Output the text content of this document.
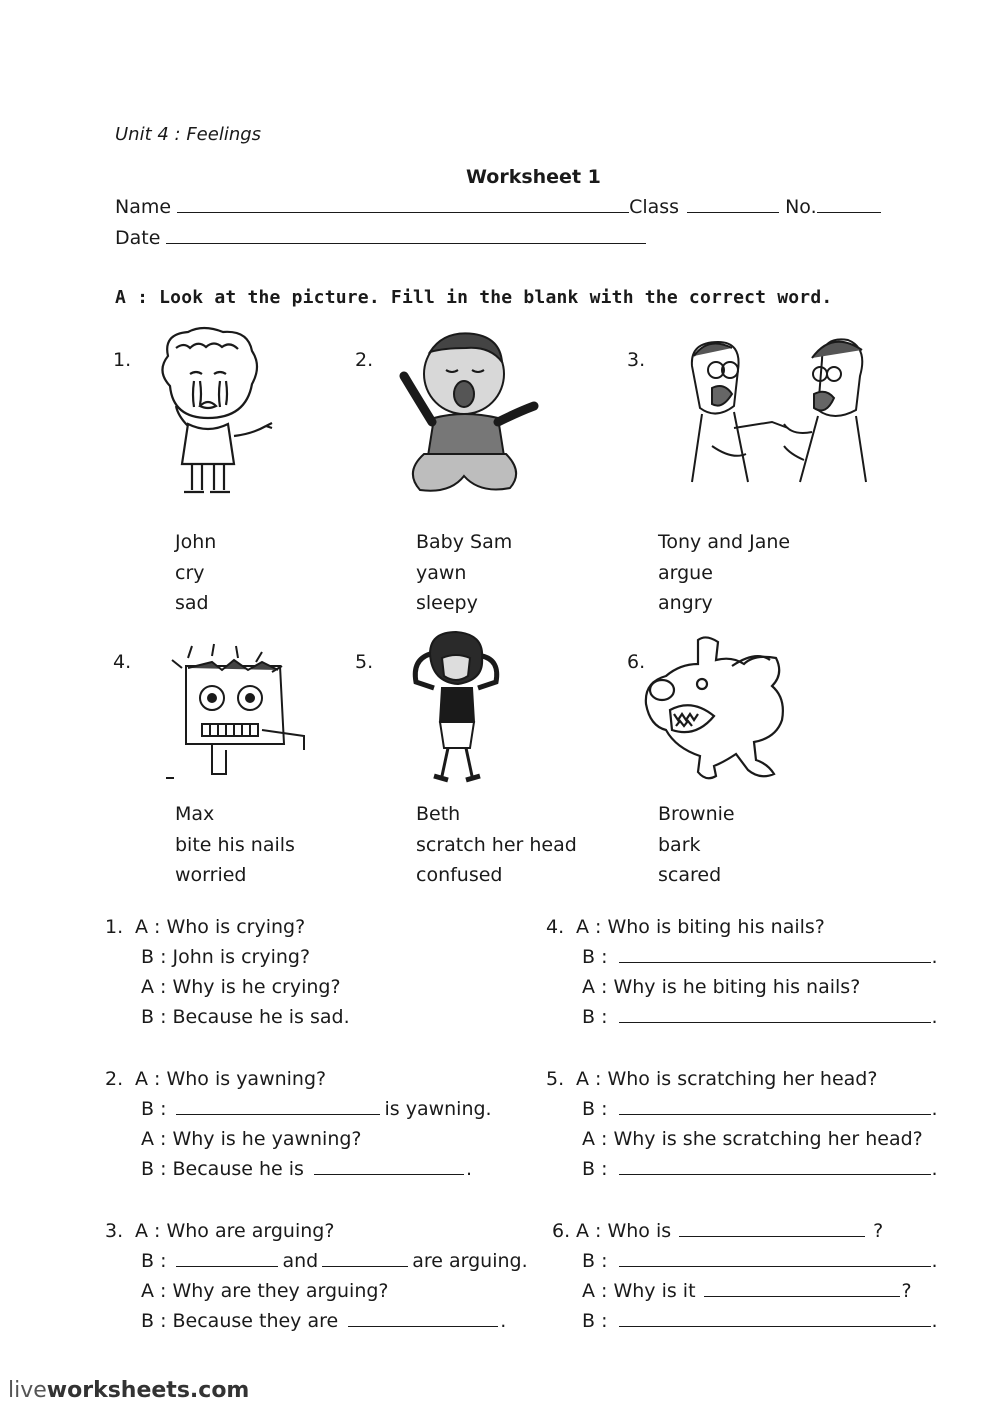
Unit 4 : Feelings
Worksheet 1
Name	Class	No.
Date
A : Look at the picture. Fill in the blank with the correct word.
1.
John
cry
sad
2.
Baby Sam
yawn
sleepy
3.
Tony and Jane
argue
angry
4.
Max
bite his nails
worried
5.
Beth
scratch her head
confused
6.
Brownie
bark
scared
1. A : Who is crying?
B : John is crying?
A : Why is he crying?
B : Because he is sad.
2. A : Who is yawning?
B :	is yawning.
A : Why is he yawning?
B : Because he is	.
3. A : Who are arguing?
B :	and	are arguing.
A : Why are they arguing?
B : Because they are	.
4. A : Who is biting his nails?
B :	.
A : Why is he biting his nails?
B :	.
5. A : Who is scratching her head?
B :	.
A : Why is she scratching her head?
B :	.
6. A : Who is	?
B :	.
A : Why is it	?
B :	.
liveworksheets.com
